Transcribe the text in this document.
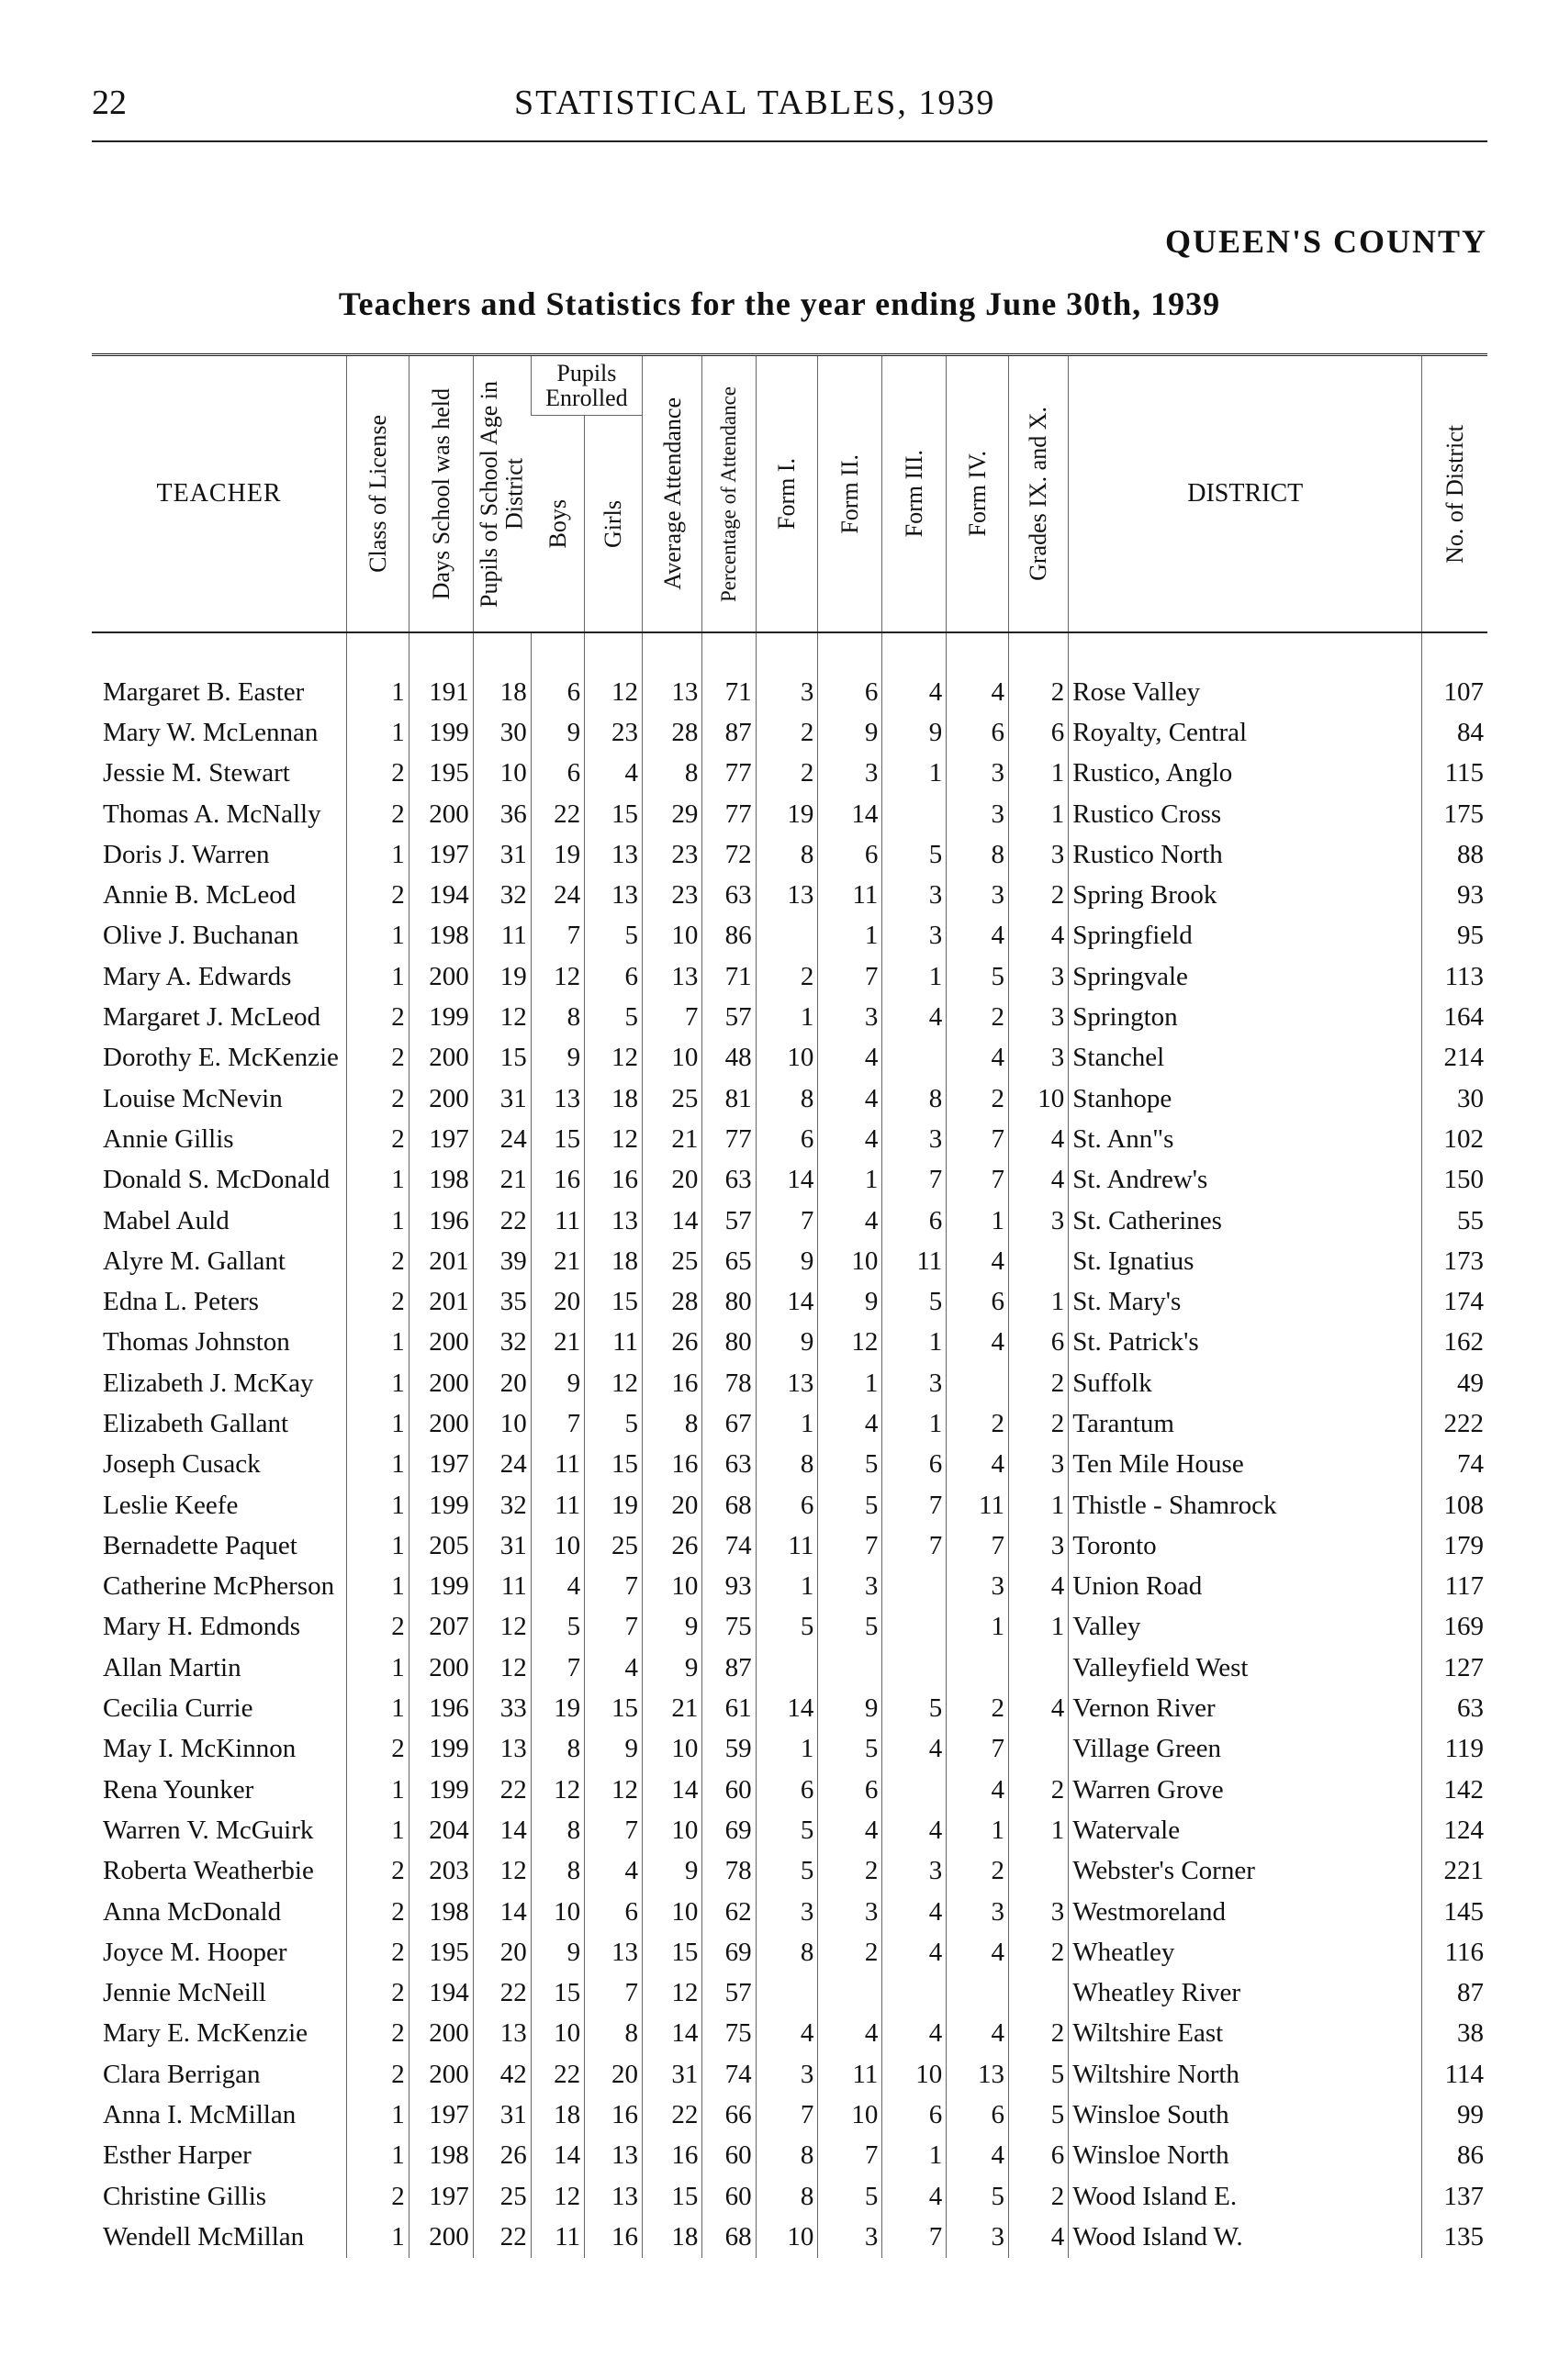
22	STATISTICAL TABLES, 1939
QUEEN'S COUNTY
Teachers and Statistics for the year ending June 30th, 1939
TEACHER	Class of License	Days School was held	Pupils of School Age in District	Pupils Enrolled		Average Attendance	Percentage of Attendance	Form I.	Form II.	Form III.	Form IV.	Grades IX. and X.	DISTRICT	No. of District

				Boys	Girls									

Margaret B. Easter	1	191	18	6	12	13	71	3	6	4	4	2	Rose Valley	107
Mary W. McLennan	1	199	30	9	23	28	87	2	9	9	6	6	Royalty, Central	84
Jessie M. Stewart	2	195	10	6	4	8	77	2	3	1	3	1	Rustico, Anglo	115
Thomas A. McNally	2	200	36	22	15	29	77	19	14		3	1	Rustico Cross	175
Doris J. Warren	1	197	31	19	13	23	72	8	6	5	8	3	Rustico North	88
Annie B. McLeod	2	194	32	24	13	23	63	13	11	3	3	2	Spring Brook	93
Olive J. Buchanan	1	198	11	7	5	10	86		1	3	4	4	Springfield	95
Mary A. Edwards	1	200	19	12	6	13	71	2	7	1	5	3	Springvale	113
Margaret J. McLeod	2	199	12	8	5	7	57	1	3	4	2	3	Springton	164
Dorothy E. McKenzie	2	200	15	9	12	10	48	10	4		4	3	Stanchel	214
Louise McNevin	2	200	31	13	18	25	81	8	4	8	2	10	Stanhope	30
Annie Gillis	2	197	24	15	12	21	77	6	4	3	7	4	St. Ann"s	102
Donald S. McDonald	1	198	21	16	16	20	63	14	1	7	7	4	St. Andrew's	150
Mabel Auld	1	196	22	11	13	14	57	7	4	6	1	3	St. Catherines	55
Alyre M. Gallant	2	201	39	21	18	25	65	9	10	11	4		St. Ignatius	173
Edna L. Peters	2	201	35	20	15	28	80	14	9	5	6	1	St. Mary's	174
Thomas Johnston	1	200	32	21	11	26	80	9	12	1	4	6	St. Patrick's	162
Elizabeth J. McKay	1	200	20	9	12	16	78	13	1	3		2	Suffolk	49
Elizabeth Gallant	1	200	10	7	5	8	67	1	4	1	2	2	Tarantum	222
Joseph Cusack	1	197	24	11	15	16	63	8	5	6	4	3	Ten Mile House	74
Leslie Keefe	1	199	32	11	19	20	68	6	5	7	11	1	Thistle - Shamrock	108
Bernadette Paquet	1	205	31	10	25	26	74	11	7	7	7	3	Toronto	179
Catherine McPherson	1	199	11	4	7	10	93	1	3		3	4	Union Road	117
Mary H. Edmonds	2	207	12	5	7	9	75	5	5		1	1	Valley	169
Allan Martin	1	200	12	7	4	9	87						Valleyfield West	127
Cecilia Currie	1	196	33	19	15	21	61	14	9	5	2	4	Vernon River	63
May I. McKinnon	2	199	13	8	9	10	59	1	5	4	7		Village Green	119
Rena Younker	1	199	22	12	12	14	60	6	6		4	2	Warren Grove	142
Warren V. McGuirk	1	204	14	8	7	10	69	5	4	4	1	1	Watervale	124
Roberta Weatherbie	2	203	12	8	4	9	78	5	2	3	2		Webster's Corner	221
Anna McDonald	2	198	14	10	6	10	62	3	3	4	3	3	Westmoreland	145
Joyce M. Hooper	2	195	20	9	13	15	69	8	2	4	4	2	Wheatley	116
Jennie McNeill	2	194	22	15	7	12	57						Wheatley River	87
Mary E. McKenzie	2	200	13	10	8	14	75	4	4	4	4	2	Wiltshire East	38
Clara Berrigan	2	200	42	22	20	31	74	3	11	10	13	5	Wiltshire North	114
Anna I. McMillan	1	197	31	18	16	22	66	7	10	6	6	5	Winsloe South	99
Esther Harper	1	198	26	14	13	16	60	8	7	1	4	6	Winsloe North	86
Christine Gillis	2	197	25	12	13	15	60	8	5	4	5	2	Wood Island E.	137
Wendell McMillan	1	200	22	11	16	18	68	10	3	7	3	4	Wood Island W.	135
